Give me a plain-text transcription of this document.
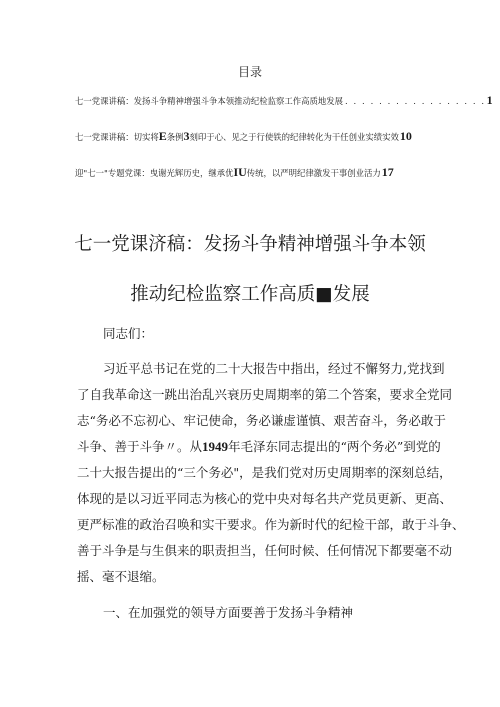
目录
七一党课讲稿：发扬斗争精神增强斗争本领推动纪检监察工作高质地发展 . . . . . . . . . . . . . . . . . 1
七一党课讲稿：切实将 E 条例 3 刻印于心、见之于行使铁的纪律转化为干任创业实绩实效 10
迎"七一"专题党课：曳谢光辉历史，继承优 IU 传统，以严明纪律激发干事创业活力 17
七一党课济稿：发扬斗争精神增强斗争本领
推动纪检监察工作高质■发展
同志们：
习近平总书记在党的二十大报告中指出，经过不懈努力,党找到
了自我革命这一跳出治乱兴衰历史周期率的第二个答案，要求全党同
志“务必不忘初心、牢记使命，务必谦虚谨慎、艰苦奋斗，务必敢于
斗争、善于斗争〃。从1949年毛泽东同志提出的“两个务必”到党的
二十大报告提出的“三个务必"，是我们党对历史周期率的深刻总结，
体现的是以习近平同志为核心的党中央对每名共产党员更新、更高、
更严标准的政治召唤和实干要求。作为新时代的纪检干部，敢于斗争、
善于斗争是与生俱来的职责担当，任何时候、任何情况下都要毫不动
摇、毫不退缩。
一、在加强党的领导方面要善于发扬斗争精神
